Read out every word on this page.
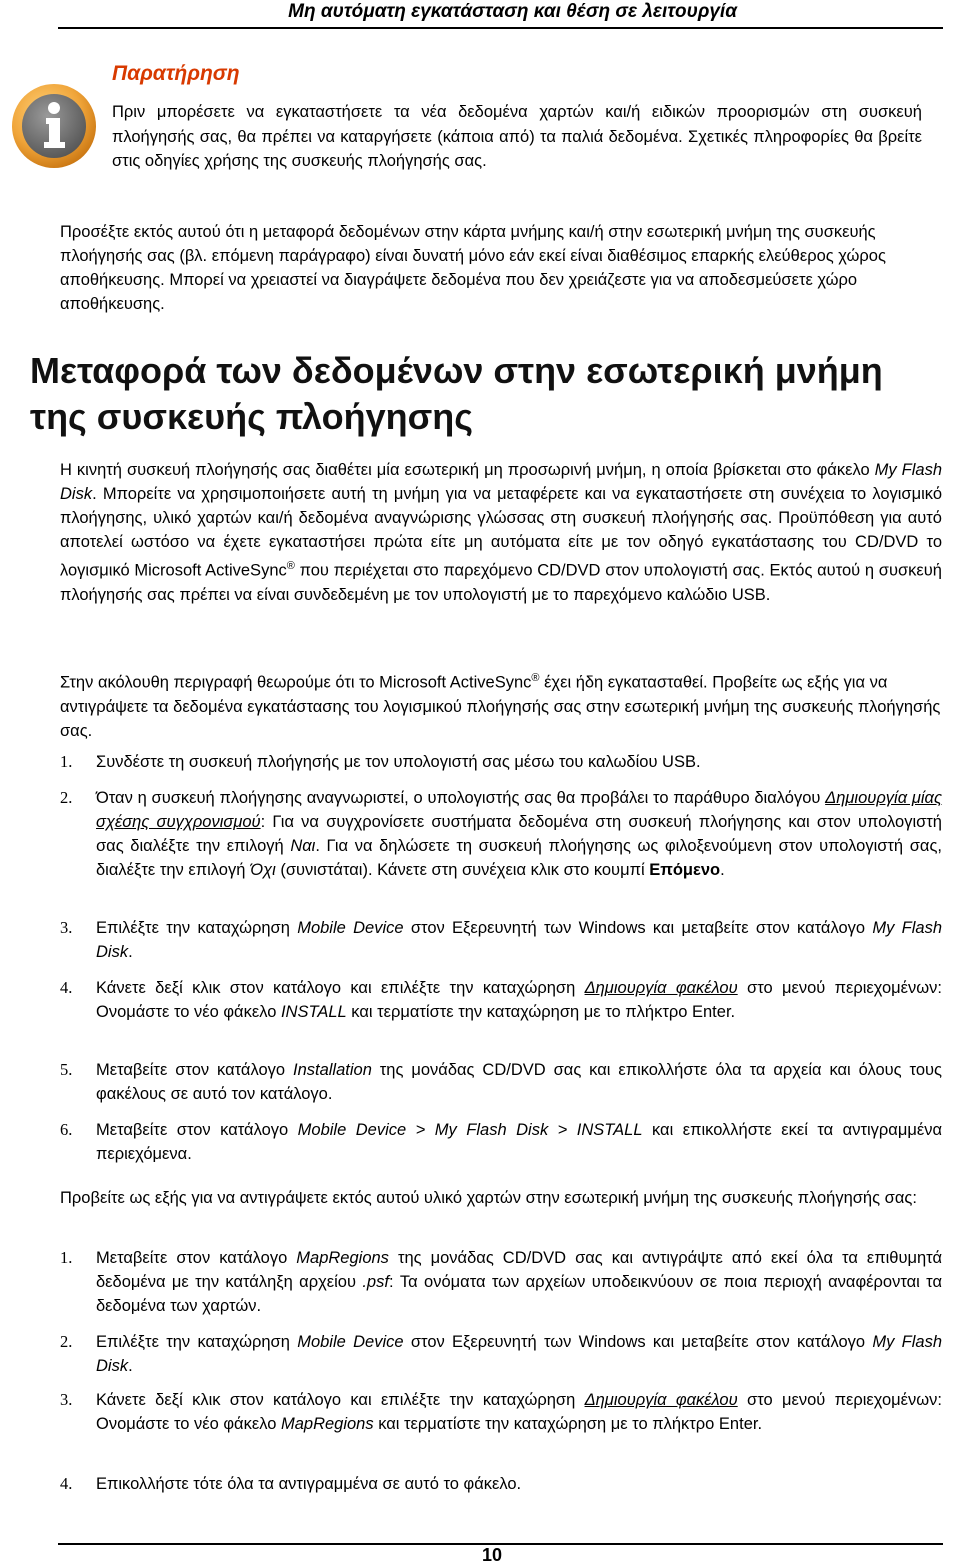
Μη αυτόματη εγκατάσταση και θέση σε λειτουργία
Παρατήρηση
Πριν μπορέσετε να εγκαταστήσετε τα νέα δεδομένα χαρτών και/ή ειδικών προορισμών στη συσκευή πλοήγησής σας, θα πρέπει να καταργήσετε (κάποια από) τα παλιά δεδομένα. Σχετικές πληροφορίες θα βρείτε στις οδηγίες χρήσης της συσκευής πλοήγησής σας.
Προσέξτε εκτός αυτού ότι η μεταφορά δεδομένων στην κάρτα μνήμης και/ή στην εσωτερική μνήμη της συσκευής πλοήγησής σας (βλ. επόμενη παράγραφο) είναι δυνατή μόνο εάν εκεί είναι διαθέσιμος επαρκής ελεύθερος χώρος αποθήκευσης. Μπορεί να χρειαστεί να διαγράψετε δεδομένα που δεν χρειάζεστε για να αποδεσμεύσετε χώρο αποθήκευσης.
Μεταφορά των δεδομένων στην εσωτερική μνήμη της συσκευής πλοήγησης
Η κινητή συσκευή πλοήγησής σας διαθέτει μία εσωτερική μη προσωρινή μνήμη, η οποία βρίσκεται στο φάκελο My Flash Disk. Μπορείτε να χρησιμοποιήσετε αυτή τη μνήμη για να μεταφέρετε και να εγκαταστήσετε στη συνέχεια το λογισμικό πλοήγησης, υλικό χαρτών και/ή δεδομένα αναγνώρισης γλώσσας στη συσκευή πλοήγησής σας. Προϋπόθεση για αυτό αποτελεί ωστόσο να έχετε εγκαταστήσει πρώτα είτε μη αυτόματα είτε με τον οδηγό εγκατάστασης του CD/DVD το λογισμικό Microsoft ActiveSync® που περιέχεται στο παρεχόμενο CD/DVD στον υπολογιστή σας. Εκτός αυτού η συσκευή πλοήγησής σας πρέπει να είναι συνδεδεμένη με τον υπολογιστή με το παρεχόμενο καλώδιο USB.
Στην ακόλουθη περιγραφή θεωρούμε ότι το Microsoft ActiveSync® έχει ήδη εγκατασταθεί. Προβείτε ως εξής για να αντιγράψετε τα δεδομένα εγκατάστασης του λογισμικού πλοήγησής σας στην εσωτερική μνήμη της συσκευής πλοήγησής σας.
1. Συνδέστε τη συσκευή πλοήγησής με τον υπολογιστή σας μέσω του καλωδίου USB.
2. Όταν η συσκευή πλοήγησης αναγνωριστεί, ο υπολογιστής σας θα προβάλει το παράθυρο διαλόγου Δημιουργία μίας σχέσης συγχρονισμού: Για να συγχρονίσετε συστήματα δεδομένα στη συσκευή πλοήγησης και στον υπολογιστή σας διαλέξτε την επιλογή Ναι. Για να δηλώσετε τη συσκευή πλοήγησης ως φιλοξενούμενη στον υπολογιστή σας, διαλέξτε την επιλογή Όχι (συνιστάται). Κάνετε στη συνέχεια κλικ στο κουμπί Επόμενο.
3. Επιλέξτε την καταχώρηση Mobile Device στον Εξερευνητή των Windows και μεταβείτε στον κατάλογο My Flash Disk.
4. Κάνετε δεξί κλικ στον κατάλογο και επιλέξτε την καταχώρηση Δημιουργία φακέλου στο μενού περιεχομένων: Ονομάστε το νέο φάκελο INSTALL και τερματίστε την καταχώρηση με το πλήκτρο Enter.
5. Μεταβείτε στον κατάλογο Installation της μονάδας CD/DVD σας και επικολλήστε όλα τα αρχεία και όλους τους φακέλους σε αυτό τον κατάλογο.
6. Μεταβείτε στον κατάλογο Mobile Device > My Flash Disk > INSTALL και επικολλήστε εκεί τα αντιγραμμένα περιεχόμενα.
Προβείτε ως εξής για να αντιγράψετε εκτός αυτού υλικό χαρτών στην εσωτερική μνήμη της συσκευής πλοήγησής σας:
1. Μεταβείτε στον κατάλογο MapRegions της μονάδας CD/DVD σας και αντιγράψτε από εκεί όλα τα επιθυμητά δεδομένα με την κατάληξη αρχείου .psf: Τα ονόματα των αρχείων υποδεικνύουν σε ποια περιοχή αναφέρονται τα δεδομένα των χαρτών.
2. Επιλέξτε την καταχώρηση Mobile Device στον Εξερευνητή των Windows και μεταβείτε στον κατάλογο My Flash Disk.
3. Κάνετε δεξί κλικ στον κατάλογο και επιλέξτε την καταχώρηση Δημιουργία φακέλου στο μενού περιεχομένων: Ονομάστε το νέο φάκελο MapRegions και τερματίστε την καταχώρηση με το πλήκτρο Enter.
4. Επικολλήστε τότε όλα τα αντιγραμμένα σε αυτό το φάκελο.
10
